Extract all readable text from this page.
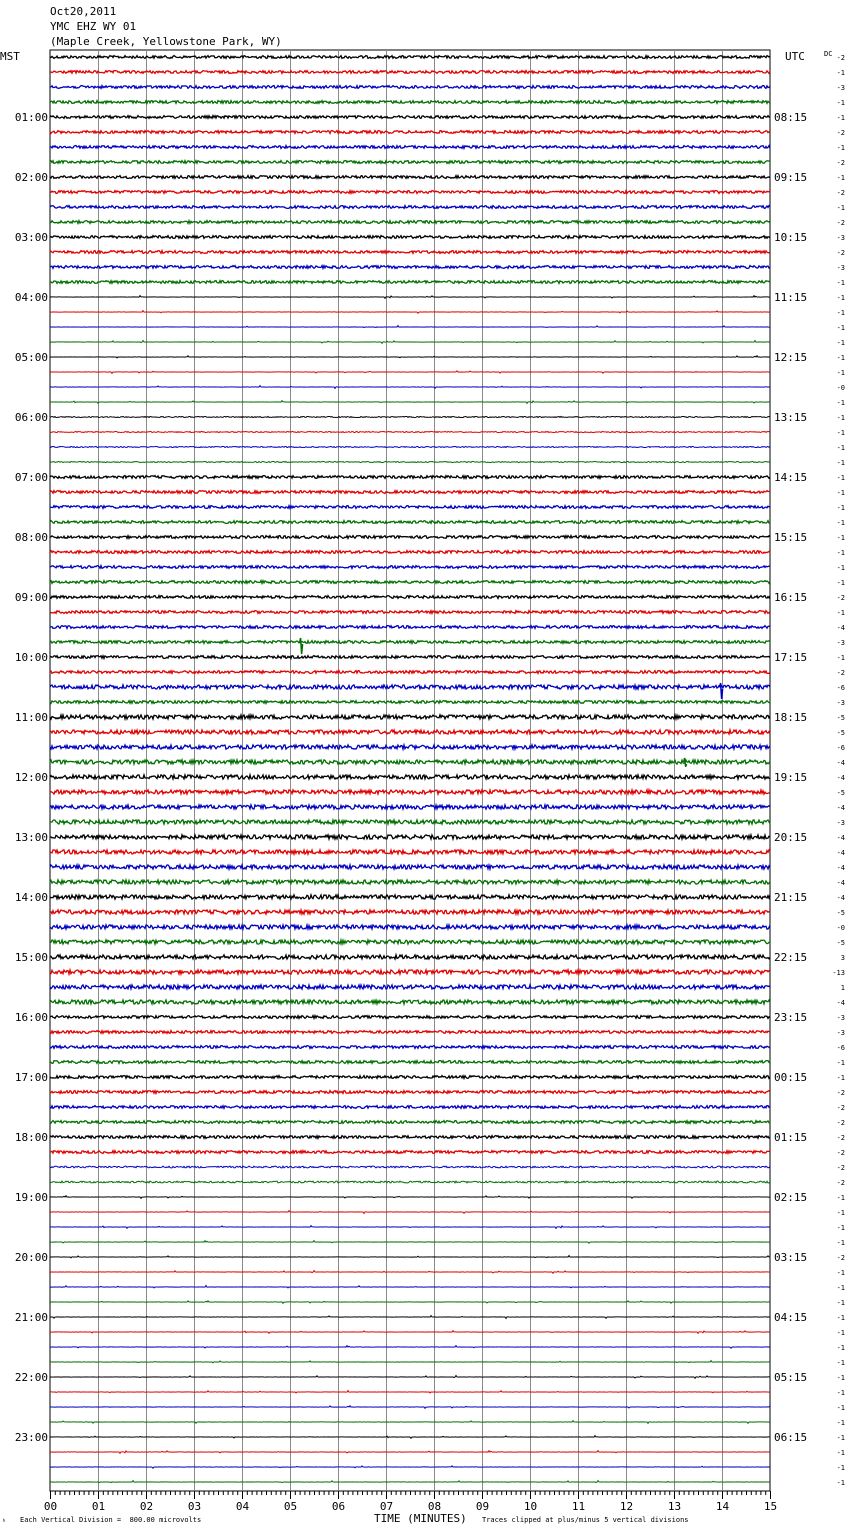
Oct20,2011
YMC EHZ WY 01
(Maple Creek, Yellowstone Park, WY)
MST	UTC	DC
00	01	02	03	04	05	06	07	08	09	10	11	12	13	14	15
-2
-1
-3
-1
-1
-2
-1
-2
-1
-2
-1
-2
-3
-2
-3
-1
-1
-1
-1
-1
-1
-1
-0
-1
-1
-1
-1
-1
-1
-1
-1
-1
-1
-1
-1
-1
-2
-1
-4
-3
-1
-2
-6
-3
-5
-5
-6
-4
-4
-5
-4
-3
-4
-4
-4
-4
-4
-5
-0
-5
3
-13
1
-4
-3
-3
-6
-1
-1
-2
-2
-2
-2
-2
-2
-2
-1
-1
-1
-1
-2
-1
-1
-1
-1
-1
-1
-1
-1
-1
-1
-1
-1
-1
-1
-1
01:00	08:15
02:00	09:15
03:00	10:15
04:00	11:15
05:00	12:15
06:00	13:15
07:00	14:15
08:00	15:15
09:00	16:15
10:00	17:15
11:00	18:15
12:00	19:15
13:00	20:15
14:00	21:15
15:00	22:15
16:00	23:15
17:00	00:15
18:00	01:15
19:00	02:15
20:00	03:15
21:00	04:15
22:00	05:15
23:00	06:15
ᵇ Each Vertical Division =  800.00 microvolts	TIME (MINUTES) Traces clipped at plus/minus 5 vertical divisions
